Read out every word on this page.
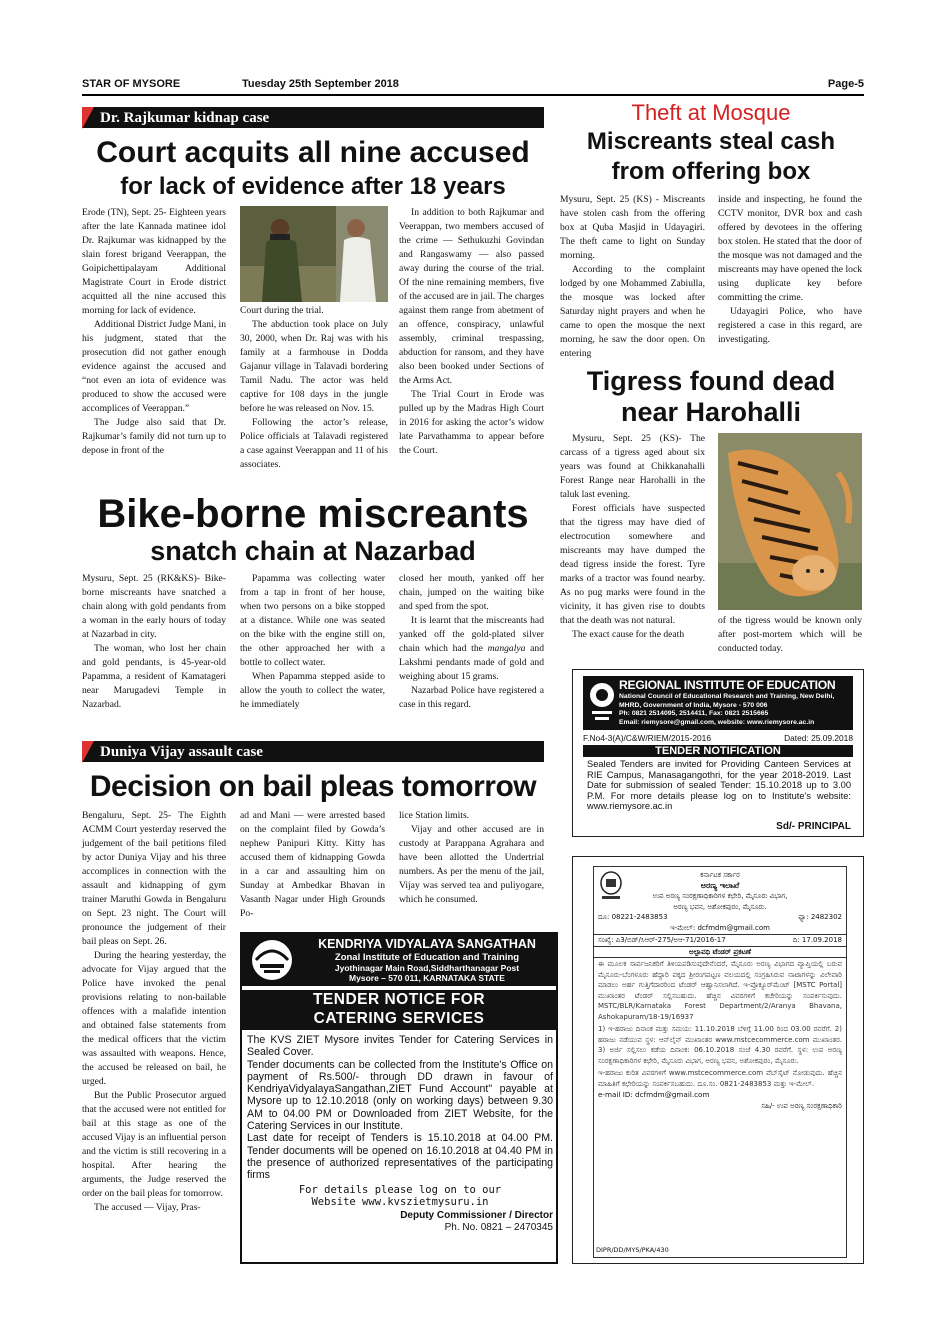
STAR OF MYSORE	Tuesday 25th September 2018	Page-5
Dr. Rajkumar kidnap case
Court acquits all nine accused
for lack of evidence after 18 years

Erode (TN), Sept. 25- Eighteen years after the late Kannada matinee idol Dr. Rajkumar was kidnapped by the slain forest brigand Veerappan, the Goipichettipalayam Additional Magistrate Court in Erode district acquitted all the nine accused this morning for lack of evidence.

Additional District Judge Mani, in his judgment, stated that the prosecution did not gather enough evidence against the accused and “not even an iota of evidence was produced to show the accused were accomplices of Veerappan.”

The Judge also said that Dr. Rajkumar’s family did not turn up to depose in front of the

Court during the trial.

The abduction took place on July 30, 2000, when Dr. Raj was with his family at a farmhouse in Dodda Gajanur village in Talavadi bordering Tamil Nadu. The actor was held captive for 108 days in the jungle before he was released on Nov. 15.

Following the actor’s release, Police officials at Talavadi registered a case against Veerappan and 11 of his associates.

In addition to both Rajkumar and Veerappan, two members accused of the crime — Sethukuzhi Govindan and Rangaswamy — also passed away during the course of the trial. Of the nine remaining members, five of the accused are in jail. The charges against them range from abetment of an offence, conspiracy, unlawful assembly, criminal trespassing, abduction for ransom, and they have also been booked under Sections of the Arms Act.

The Trial Court in Erode was pulled up by the Madras High Court in 2016 for asking the actor’s widow late Parvathamma to appear before the Court.

Theft at Mosque
Miscreants steal cash
from offering box

Mysuru, Sept. 25 (KS) - Miscreants have stolen cash from the offering box at Quba Masjid in Udayagiri. The theft came to light on Sunday morning.

According to the complaint lodged by one Mohammed Zabiulla, the mosque was locked after Saturday night prayers and when he came to open the mosque the next morning, he saw the door open. On entering

inside and inspecting, he found the CCTV monitor, DVR box and cash offered by devotees in the offering box stolen. He stated that the door of the mosque was not damaged and the miscreants may have opened the lock using duplicate key before committing the crime.

Udayagiri Police, who have registered a case in this regard, are investigating.

Tigress found dead
near Harohalli

Mysuru, Sept. 25 (KS)- The carcass of a tigress aged about six years was found at Chikkanahalli Forest Range near Harohalli in the taluk last evening.

Forest officials have suspected that the tigress may have died of electrocution somewhere and miscreants may have dumped the dead tigress inside the forest. Tyre marks of a tractor was found nearby. As no pug marks were found in the vicinity, it has given rise to doubts that the death was not natural.

The exact cause for the death

of the tigress would be known only after post-mortem which will be conducted today.

Bike-borne miscreants
snatch chain at Nazarbad

Mysuru, Sept. 25 (RK&KS)- Bike-borne miscreants have snatched a chain along with gold pendants from a woman in the early hours of today at Nazarbad in city.

The woman, who lost her chain and gold pendants, is 45-year-old Papamma, a resident of Kamatageri near Marugadevi Temple in Nazarbad.

Papamma was collecting water from a tap in front of her house, when two persons on a bike stopped at a distance. While one was seated on the bike with the engine still on, the other approached her with a bottle to collect water.

When Papamma stepped aside to allow the youth to collect the water, he immediately

closed her mouth, yanked off her chain, jumped on the waiting bike and sped from the spot.

It is learnt that the miscreants had yanked off the gold-plated silver chain which had the mangalya and Lakshmi pendants made of gold and weighing about 15 grams.

Nazarbad Police have registered a case in this regard.

Duniya Vijay assault case
Decision on bail pleas tomorrow

Bengaluru, Sept. 25- The Eighth ACMM Court yesterday reserved the judgement of the bail petitions filed by actor Duniya Vijay and his three accomplices in connection with the assault and kidnapping of gym trainer Maruthi Gowda in Bengaluru on Sept. 23 night. The Court will pronounce the judgement of their bail pleas on Sept. 26.

During the hearing yesterday, the advocate for Vijay argued that the Police have invoked the penal provisions relating to non-bailable offences with a malafide intention and obtained false statements from the medical officers that the victim was assaulted with weapons. Hence, the accused be released on bail, he urged.

But the Public Prosecutor argued that the accused were not entitled for bail at this stage as one of the accused Vijay is an influential person and the victim is still recovering in a hospital. After hearing the arguments, the Judge reserved the order on the bail pleas for tomorrow.

The accused — Vijay, Pras-

ad and Mani — were arrested based on the complaint filed by Gowda’s nephew Panipuri Kitty. Kitty has accused them of kidnapping Gowda in a car and assaulting him on Sunday at Ambedkar Bhavan in Vasanth Nagar under High Grounds Po-

lice Station limits.

Vijay and other accused are in custody at Parappana Agrahara and have been allotted the Undertrial numbers. As per the menu of the jail, Vijay was served tea and puliyogare, which he consumed.

KENDRIYA VIDYALAYA SANGATHAN
Zonal Institute of Education and Training
Jyothinagar Main Road,Siddharthanagar Post
Mysore – 570 011, KARNATAKA STATE
TENDER NOTICE FOR
CATERING SERVICES

The KVS ZIET Mysore invites Tender for Catering Services in Sealed Cover.

Tender documents can be collected from the Institute's Office on payment of Rs.500/- through DD drawn in favour of KendriyaVidyalayaSangathan,ZIET Fund Account" payable at Mysore up to 12.10.2018 (only on working days) between 9.30 AM to 04.00 PM or Downloaded from ZIET Website, for the Catering Services in our Institute.

Last date for receipt of Tenders is 15.10.2018 at 04.00 PM. Tender documents will be opened on 16.10.2018 at 04.40 PM in the presence of authorized representatives of the participating firms

For details please log on to our

Website www.kvszietmysuru.in

Deputy Commissioner / Director

Ph. No. 0821 – 2470345

REGIONAL INSTITUTE OF EDUCATION
National Council of Educational Research and Training, New Delhi,
MHRD, Government of India, Mysore - 570 006
Ph: 0821 2514095, 2514411, Fax: 0821 2515665
Email: riemysore@gmail.com, website: www.riemysore.ac.in
F.No4-3(A)/C&W/RIEM/2015-2016	Dated: 25.09.2018
TENDER NOTIFICATION
Sealed Tenders are invited for Providing Canteen Services at RIE Campus, Manasagangothri, for the year 2018-2019. Last Date for submission of sealed Tender: 15.10.2018 up to 3.00 P.M. For more details please log on to Institute's website: www.riemysore.ac.in
Sd/- PRINCIPAL
ಕರ್ನಾಟಕ ಸರ್ಕಾರ
ಅರಣ್ಯ ಇಲಾಖೆ
ಉಪ ಅರಣ್ಯ ಸಂರಕ್ಷಣಾಧಿಕಾರಿಗಳ ಕಛೇರಿ, ಮೈಸೂರು ವಿಭಾಗ,
ಅರಣ್ಯ ಭವನ, ಅಶೋಕಪುರಂ, ಮೈಸೂರು.
ದೂ: 08221-2483853	ಫ್ಯಾ: 2482302
ಇ-ಮೇಲ್: dcfmdm@gmail.com
ಸಂಖ್ಯೆ: ಪಿ3/ಬಿಡ್/ಸಿಆರ್-275/ಅಆ-71/2016-17	ದಿ: 17.09.2018
ಅಲ್ಪಾವಧಿ ಟೆಂಡರ್ ಪ್ರಕಟಣೆ
ಈ ಮೂಲಕ ಸಾರ್ವಜನಿಕರಿಗೆ ತಿಳಿಯಪಡಿಸುವುದೇನೆಂದರೆ, ಮೈಸೂರು ಅರಣ್ಯ ವಿಭಾಗದ ವ್ಯಾಪ್ತಿಯಲ್ಲಿ ಬರುವ ಮೈಸೂರು-ಬೆಂಗಳೂರು ಹೆದ್ದಾರಿ ಪಕ್ಕದ ಶ್ರೀರಂಗಪಟ್ಟಣ ವಲಯದಲ್ಲಿ ಸಂಗ್ರಹಿಸಿರುವ ನಾಟಾಗಳನ್ನು ವಿಲೇವಾರಿ ಮಾಡಲು ಅರ್ಹ ಗುತ್ತಿಗೆದಾರರಿಂದ ಟೆಂಡರ್ ಆಹ್ವಾನಿಸಲಾಗಿದೆ. ಇ-ಪ್ರೊಕ್ಯೂರ್‌ಮೆಂಟ್ [MSTC Portal] ಮುಖಾಂತರ ಟೆಂಡರ್ ಸಲ್ಲಿಸಬಹುದು. ಹೆಚ್ಚಿನ ವಿವರಗಳಿಗೆ ಕಚೇರಿಯನ್ನು ಸಂಪರ್ಕಿಸುವುದು. MSTC/BLR/Karnataka Forest Department/2/Aranya Bhavana, Ashokapuram/18-19/16937
1) ಇ-ಹರಾಜು ದಿನಾಂಕ ಮತ್ತು ಸಮಯ: 11.10.2018 ಬೆಳಿಗ್ಗೆ 11.00 ರಿಂದ 03.00 ರವರೆಗೆ. 2) ಹರಾಜು ನಡೆಯುವ ಸ್ಥಳ: ಆನ್‌ಲೈನ್ ಮುಖಾಂತರ www.mstcecommerce.com ಮುಖಾಂತರ. 3) ಅರ್ಜಿ ಸಲ್ಲಿಸಲು ಕಡೆಯ ದಿನಾಂಕ: 06.10.2018 ಸಂಜೆ 4.30 ರವರೆಗೆ. ಸ್ಥಳ: ಉಪ ಅರಣ್ಯ ಸಂರಕ್ಷಣಾಧಿಕಾರಿಗಳ ಕಛೇರಿ, ಮೈಸೂರು ವಿಭಾಗ, ಅರಣ್ಯ ಭವನ, ಅಶೋಕಪುರಂ, ಮೈಸೂರು.
ಇ-ಹರಾಜು ಕುರಿತ ವಿವರಗಳಿಗೆ www.mstcecommerce.com ವೆಬ್‌ಸೈಟ್ ನೋಡುವುದು. ಹೆಚ್ಚಿನ ಮಾಹಿತಿಗೆ ಕಛೇರಿಯನ್ನು ಸಂಪರ್ಕಿಸಬಹುದು. ದೂ.ಸಂ. 0821-2483853 ಮತ್ತು ಇ-ಮೇಲ್.
e-mail ID: dcfmdm@gmail.com
ಸಹಿ/- ಉಪ ಅರಣ್ಯ ಸಂರಕ್ಷಣಾಧಿಕಾರಿ
DIPR/DD/MYS/PKA/430
